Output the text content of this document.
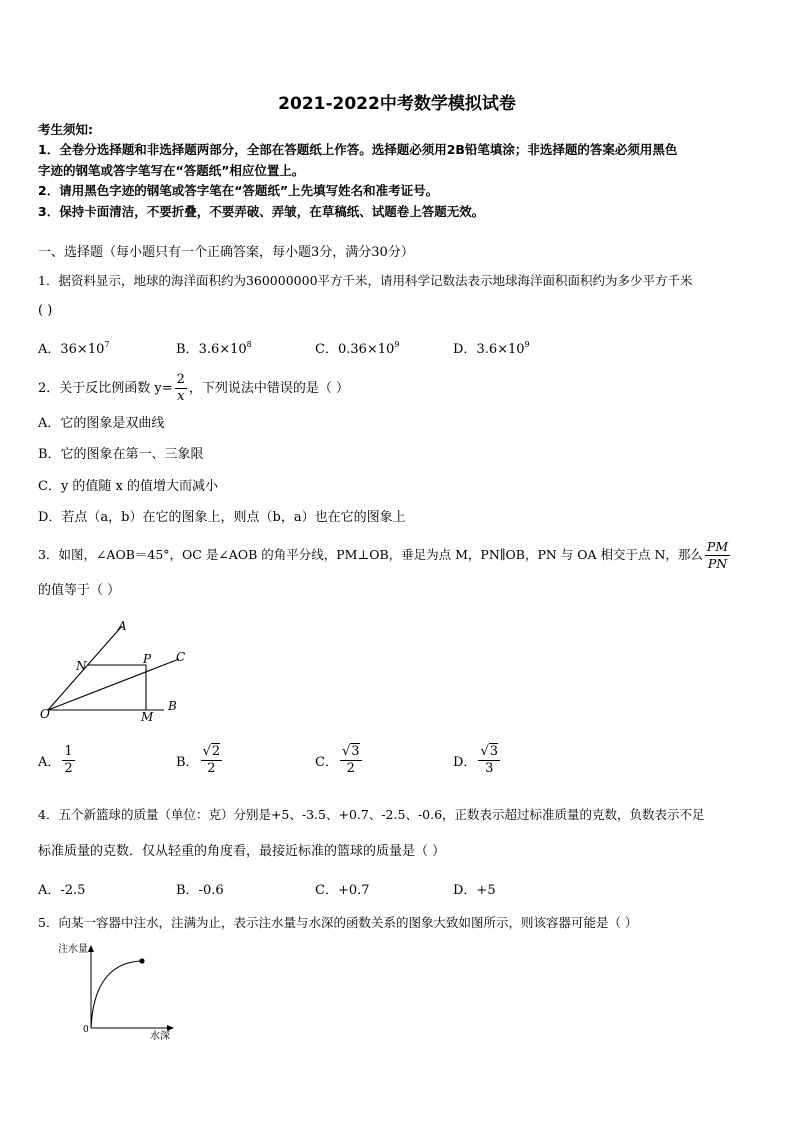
2021-2022中考数学模拟试卷
考生须知:
1．全卷分选择题和非选择题两部分，全部在答题纸上作答。选择题必须用2B铅笔填涂；非选择题的答案必须用黑色
字迹的钢笔或答字笔写在“答题纸”相应位置上。
2．请用黑色字迹的钢笔或答字笔在“答题纸”上先填写姓名和准考证号。
3．保持卡面清洁，不要折叠，不要弄破、弄皱，在草稿纸、试题卷上答题无效。
一、选择题（每小题只有一个正确答案，每小题3分，满分30分）
1．据资料显示，地球的海洋面积约为360000000平方千米，请用科学记数法表示地球海洋面积面积约为多少平方千米
( )
A．$36\times 10^7$	B．$3.6\times 10^8$	C．$0.36\times 10^9$	D．$3.6\times 10^9$
2．关于反比例函数 $y= \frac{2}{x}$ ，下列说法中错误的是（ ）
A．它的图象是双曲线
B．它的图象在第一、三象限
C．y 的值随 x 的值增大而减小
D．若点（a，b）在它的图象上，则点（b，a）也在它的图象上
3．如图，∠AOB＝45°，OC 是∠AOB 的角平分线，PM⊥OB，垂足为点 M，PN∥OB，PN 与 OA 相交于点 N，那么 $\frac{PM}{PN}$
的值等于（ ）
A
C
N	P
O	M
B
A． $\frac{1}{2}$	B． $\frac{√2}{2}$	C． $\frac{√3}{2}$	D． $\frac{√3}{3}$
4．五个新篮球的质量（单位：克）分别是+5、-3.5、+0.7、-2.5、-0.6，正数表示超过标准质量的克数，负数表示不足
标准质量的克数．仅从轻重的角度看，最接近标准的篮球的质量是（ ）
A．-2.5	B．-0.6	C．+0.7	D．+5
5．向某一容器中注水，注满为止，表示注水量与水深的函数关系的图象大致如图所示，则该容器可能是（ ）
注水量
水深
0
